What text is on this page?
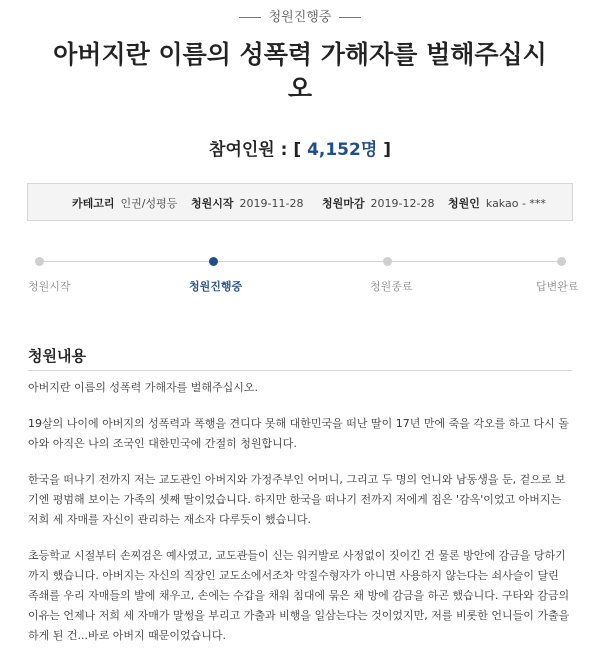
청원진행중
아버지란 이름의 성폭력 가해자를 벌해주십시오
참여인원 : [ 4,152명 ]
카테고리 인권/성평등 청원시작 2019-11-28 청원마감 2019-12-28 청원인 kakao - ***
청원시작	청원진행중	청원종료	답변완료
청원내용

아버지란 이름의 성폭력 가해자를 벌해주십시오.

19살의 나이에 아버지의 성폭력과 폭행을 견디다 못해 대한민국을 떠난 딸이 17년 만에 죽을 각오를 하고 다시 돌아와 아직은 나의 조국인 대한민국에 간절히 청원합니다.

한국을 떠나기 전까지 저는 교도관인 아버지와 가정주부인 어머니, 그리고 두 명의 언니와 남동생을 둔, 겉으로 보기엔 평범해 보이는 가족의 셋째 딸이었습니다. 하지만 한국을 떠나기 전까지 저에게 집은 '감옥'이었고 아버지는 저희 세 자매를 자신이 관리하는 재소자 다루듯이 했습니다.

초등학교 시절부터 손찌검은 예사였고, 교도관들이 신는 워커발로 사정없이 짓이긴 건 물론 방안에 감금을 당하기까지 했습니다. 아버지는 자신의 직장인 교도소에서조차 악질수형자가 아니면 사용하지 않는다는 쇠사슬이 달린 족쇄를 우리 자매들의 발에 채우고, 손에는 수갑을 채워 침대에 묶은 채 방에 감금을 하곤 했습니다. 구타와 감금의 이유는 언제나 저희 세 자매가 말썽을 부리고 가출과 비행을 일삼는다는 것이었지만, 저를 비롯한 언니들이 가출을 하게 된 건...바로 아버지 때문이었습니다.
